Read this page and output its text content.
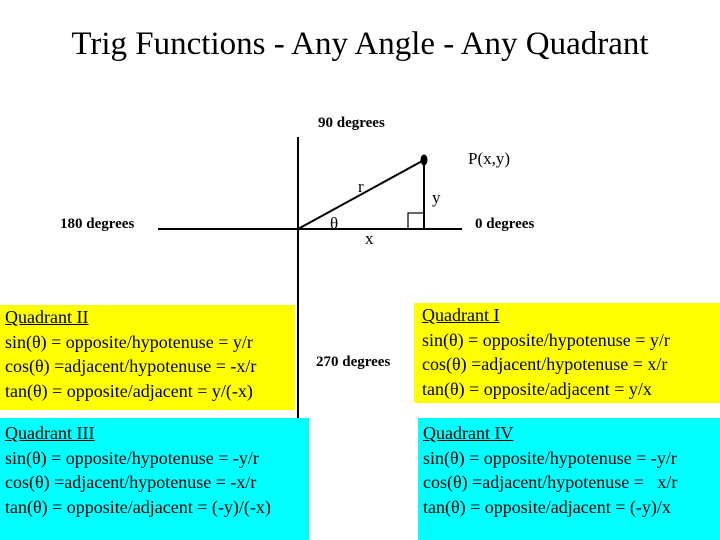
Trig Functions - Any Angle - Any Quadrant
90 degrees
180 degrees	0 degrees
270 degrees
P(x,y)
r
y
x
θ
Quadrant II
sin(θ) = opposite/hypotenuse = y/r
cos(θ) =adjacent/hypotenuse = -x/r
tan(θ) = opposite/adjacent = y/(-x)
Quadrant I
sin(θ) = opposite/hypotenuse = y/r
cos(θ) =adjacent/hypotenuse = x/r
tan(θ) = opposite/adjacent = y/x
Quadrant III
sin(θ) = opposite/hypotenuse = -y/r
cos(θ) =adjacent/hypotenuse = -x/r
tan(θ) = opposite/adjacent = (-y)/(-x)
Quadrant IV
sin(θ) = opposite/hypotenuse = -y/r
cos(θ) =adjacent/hypotenuse =   x/r
tan(θ) = opposite/adjacent = (-y)/x
